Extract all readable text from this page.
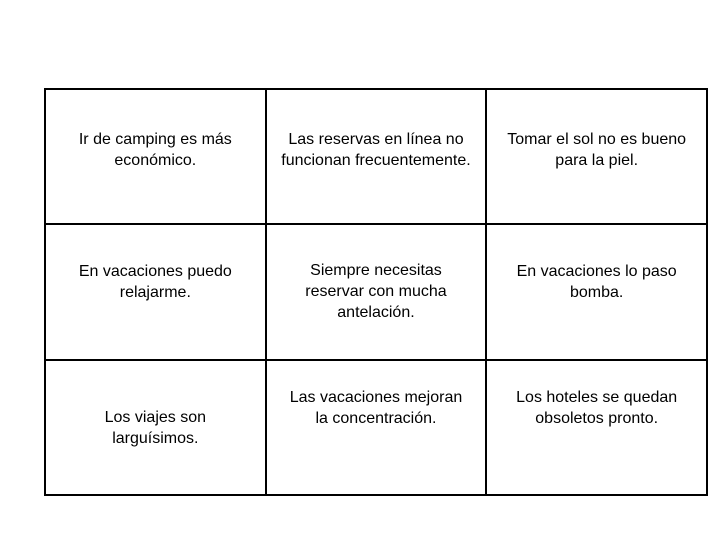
Ir de camping es más
económico.	Las reservas en línea no
funcionan frecuentemente.	Tomar el sol no es bueno
para la piel.

En vacaciones puedo
relajarme.	Siempre necesitas
reservar con mucha
antelación.	En vacaciones lo paso
bomba.

Los viajes son
larguísimos.	Las vacaciones mejoran
la concentración.	Los hoteles se quedan
obsoletos pronto.
